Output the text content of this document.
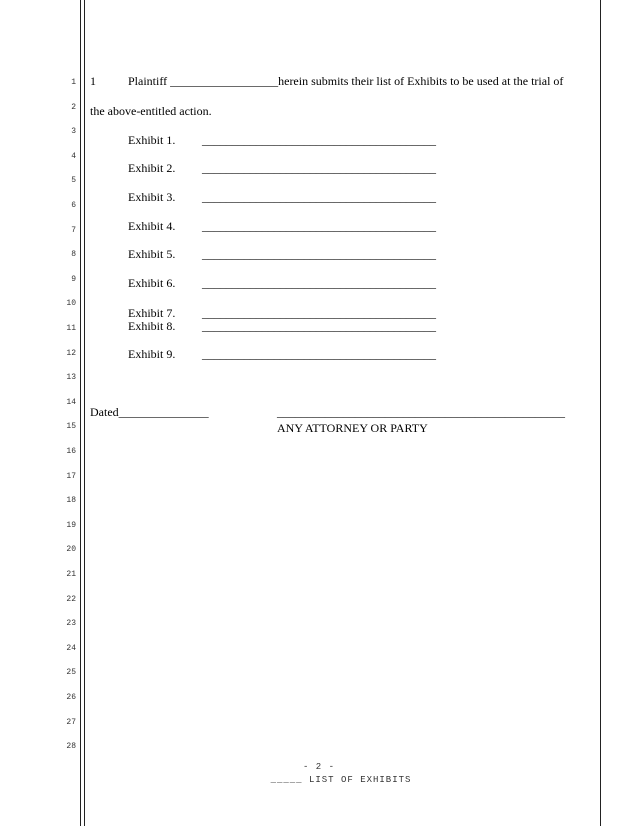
1
2
3
4
5
6
7
8
9
10
11
12
13
14
15
16
17
18
19
20
21
22
23
24
25
26
27
28
1	Plaintiff __________________herein submits their list of Exhibits to be used at the trial of
the above-entitled action.
Exhibit 1. _______________________________________
Exhibit 2. _______________________________________
Exhibit 3. _______________________________________
Exhibit 4. _______________________________________
Exhibit 5. _______________________________________
Exhibit 6. _______________________________________
Exhibit 7. _______________________________________
Exhibit 8. _______________________________________
Exhibit 9. _______________________________________
Dated_______________	________________________________________________
ANY ATTORNEY OR PARTY
- 2 -
_____ LIST OF EXHIBITS
